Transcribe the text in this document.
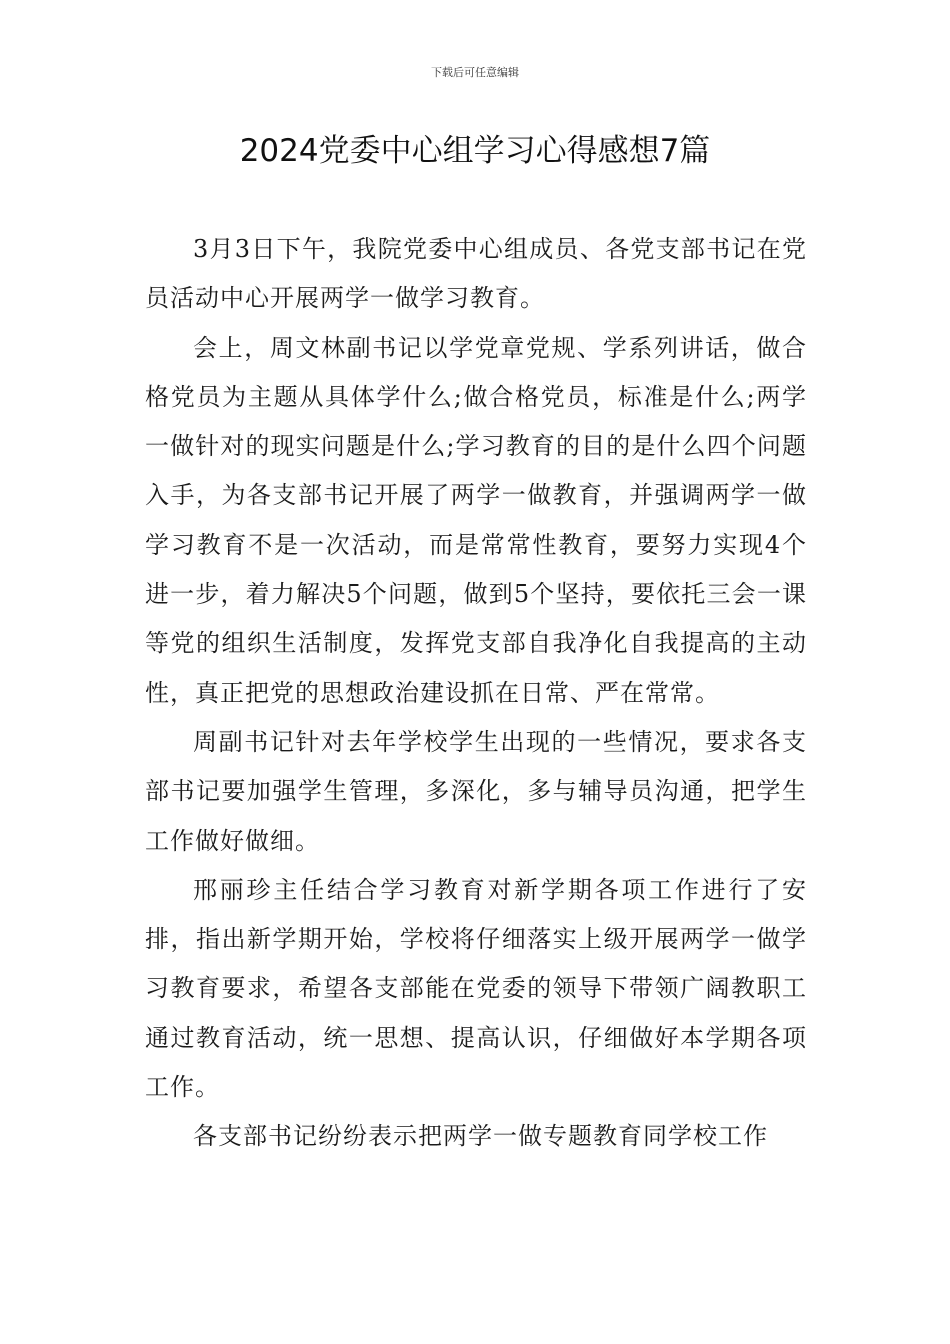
下载后可任意编辑
2024党委中心组学习心得感想7篇

3月3日下午，我院党委中心组成员、各党支部书记在党员活动中心开展两学一做学习教育。

会上，周文林副书记以学党章党规、学系列讲话，做合格党员为主题从具体学什么;做合格党员，标准是什么;两学一做针对的现实问题是什么;学习教育的目的是什么四个问题入手，为各支部书记开展了两学一做教育，并强调两学一做学习教育不是一次活动，而是常常性教育，要努力实现4个进一步，着力解决5个问题，做到5个坚持，要依托三会一课等党的组织生活制度，发挥党支部自我净化自我提高的主动性，真正把党的思想政治建设抓在日常、严在常常。

周副书记针对去年学校学生出现的一些情况，要求各支部书记要加强学生管理，多深化，多与辅导员沟通，把学生工作做好做细。

邢丽珍主任结合学习教育对新学期各项工作进行了安排，指出新学期开始，学校将仔细落实上级开展两学一做学习教育要求，希望各支部能在党委的领导下带领广阔教职工通过教育活动，统一思想、提高认识，仔细做好本学期各项工作。

各支部书记纷纷表示把两学一做专题教育同学校工作
